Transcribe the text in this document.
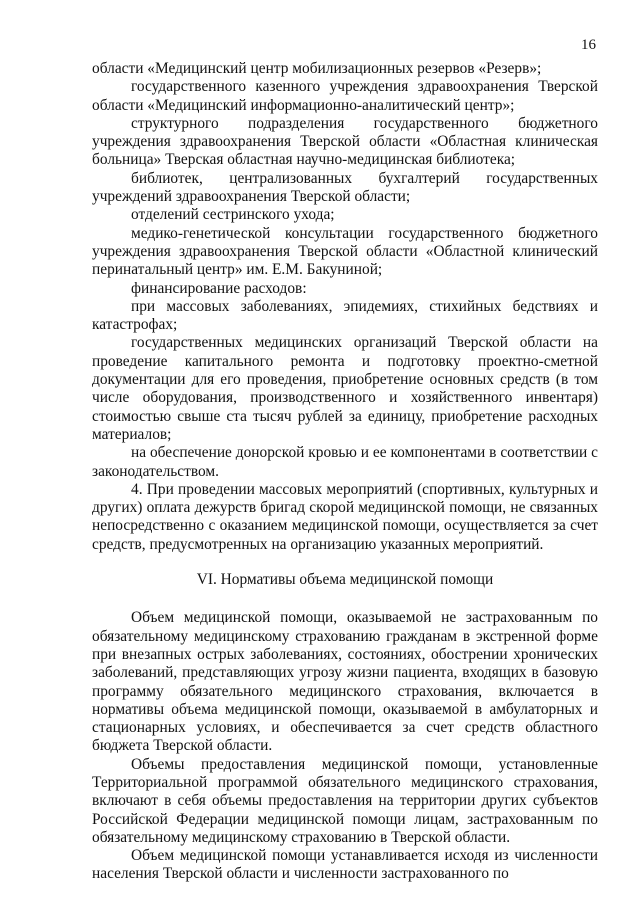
16

области «Медицинский центр мобилизационных резервов «Резерв»;

государственного казенного учреждения здравоохранения Тверской области «Медицинский информационно-аналитический центр»;

структурного подразделения государственного бюджетного учреждения здравоохранения Тверской области «Областная клиническая больница» Тверская областная научно-медицинская библиотека;

библиотек, централизованных бухгалтерий государственных учреждений здравоохранения Тверской области;

отделений сестринского ухода;

медико-генетической консультации государственного бюджетного учреждения здравоохранения Тверской области «Областной клинический перинатальный центр» им. Е.М. Бакуниной;

финансирование расходов:

при массовых заболеваниях, эпидемиях, стихийных бедствиях и катастрофах;

государственных медицинских организаций Тверской области на проведение капитального ремонта и подготовку проектно-сметной документации для его проведения, приобретение основных средств (в том числе оборудования, производственного и хозяйственного инвентаря) стоимостью свыше ста тысяч рублей за единицу, приобретение расходных материалов;

на обеспечение донорской кровью и ее компонентами в соответствии с законодательством.

4. При проведении массовых мероприятий (спортивных, культурных и других) оплата дежурств бригад скорой медицинской помощи, не связанных непосредственно с оказанием медицинской помощи, осуществляется за счет средств, предусмотренных на организацию указанных мероприятий.

VI. Нормативы объема медицинской помощи

Объем медицинской помощи, оказываемой не застрахованным по обязательному медицинскому страхованию гражданам в экстренной форме при внезапных острых заболеваниях, состояниях, обострении хронических заболеваний, представляющих угрозу жизни пациента, входящих в базовую программу обязательного медицинского страхования, включается в нормативы объема медицинской помощи, оказываемой в амбулаторных и стационарных условиях, и обеспечивается за счет средств областного бюджета Тверской области.

Объемы предоставления медицинской помощи, установленные Территориальной программой обязательного медицинского страхования, включают в себя объемы предоставления на территории других субъектов Российской Федерации медицинской помощи лицам, застрахованным по обязательному медицинскому страхованию в Тверской области.

Объем медицинской помощи устанавливается исходя из численности населения Тверской области и численности застрахованного по
